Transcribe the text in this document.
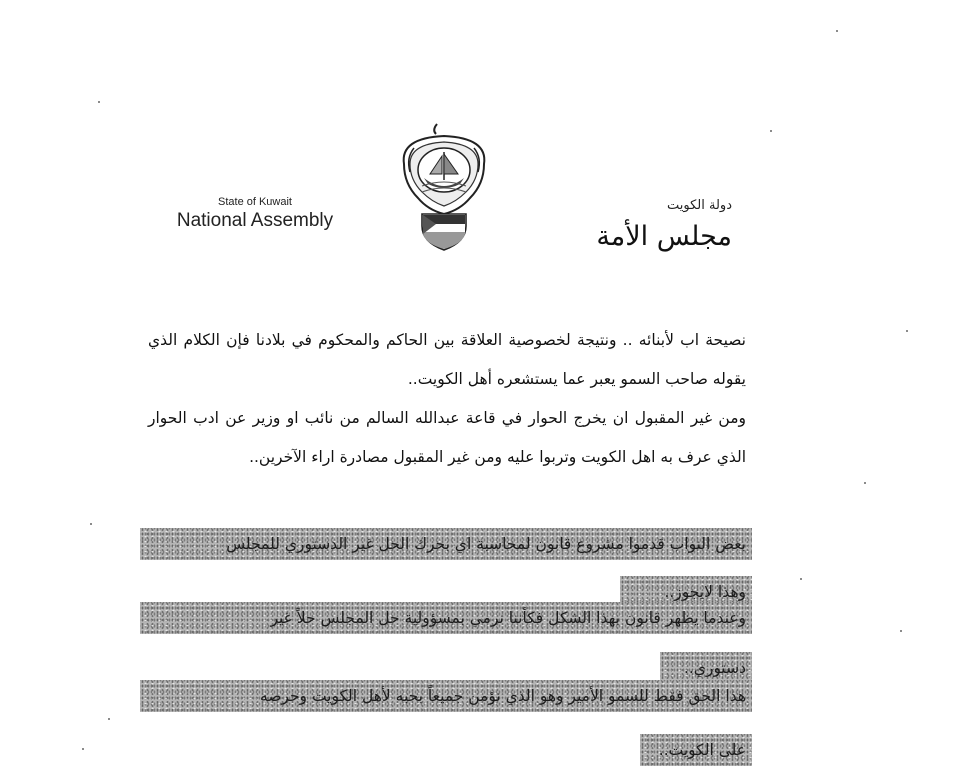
State of Kuwait
National Assembly
دولة الكويت
مجلس الأمة

نصيحة اب لأبنائه .. ونتيجة لخصوصية العلاقة بين الحاكم والمحكوم في بلادنا فإن الكلام الذي يقوله صاحب السمو يعبر عما يستشعره أهل الكويت..

ومن غير المقبول ان يخرج الحوار في قاعة عبدالله السالم من نائب او وزير عن ادب الحوار الذي عرف به اهل الكويت وتربوا عليه ومن غير المقبول مصادرة اراء الآخرين..

بعض النواب قدموا مشروع قانون لمحاسبة اي بحرك الحل غير الدستوري للمجلس
وهذا لايجوز..
وعندما يظهر قانون بهذا الشكل فكأننا نرمي بمسؤولية حل المجلس حلاً غير
دستوري..
هذا الحق فقط للسمو الأمير وهو الذي نؤمن جميعاً بحبه لأهل الكويت وحرصه
على الكويت..
